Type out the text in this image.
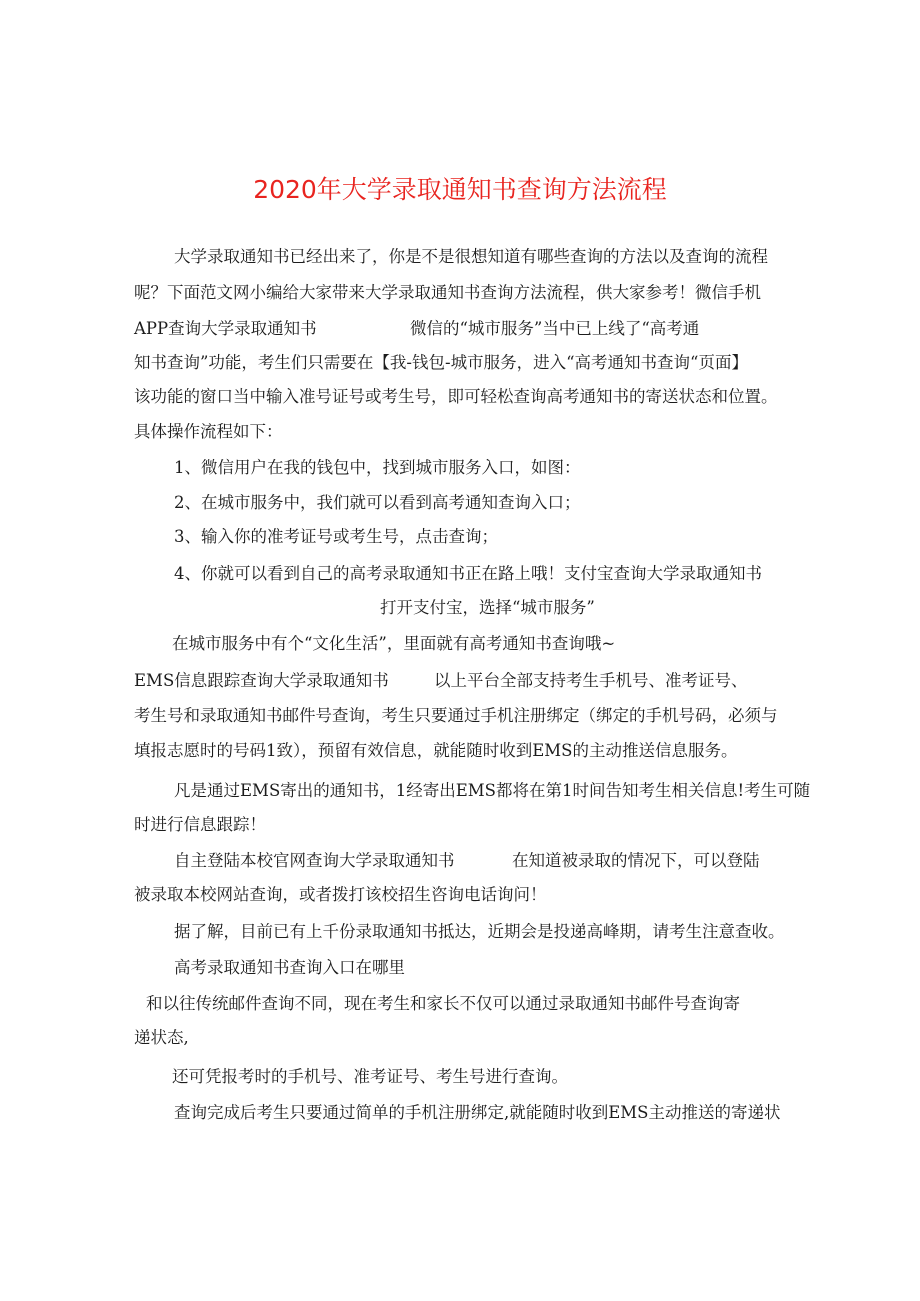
2020年大学录取通知书查询方法流程
大学录取通知书已经出来了，你是不是很想知道有哪些查询的方法以及查询的流程
呢？下面范文网小编给大家带来大学录取通知书查询方法流程，供大家参考！微信手机
APP查询大学录取通知书	微信的“城市服务”当中已上线了“高考通
知书查询”功能，考生们只需要在【我-钱包-城市服务，进入“高考通知书查询“页面】
该功能的窗口当中输入准号证号或考生号，即可轻松查询高考通知书的寄送状态和位置。
具体操作流程如下：
1、微信用户在我的钱包中，找到城市服务入口，如图：
2、在城市服务中，我们就可以看到高考通知查询入口；
3、输入你的准考证号或考生号，点击查询；
4、你就可以看到自己的高考录取通知书正在路上哦！支付宝查询大学录取通知书
打开支付宝，选择“城市服务”
在城市服务中有个“文化生活”，里面就有高考通知书查询哦~
EMS信息跟踪查询大学录取通知书	以上平台全部支持考生手机号、准考证号、
考生号和录取通知书邮件号查询，考生只要通过手机注册绑定（绑定的手机号码，必须与
填报志愿时的号码1致），预留有效信息，就能随时收到EMS的主动推送信息服务。
凡是通过EMS寄出的通知书，1经寄出EMS都将在第1时间告知考生相关信息!考生可随
时进行信息跟踪！
自主登陆本校官网查询大学录取通知书	在知道被录取的情况下，可以登陆
被录取本校网站查询，或者拨打该校招生咨询电话询问！
据了解，目前已有上千份录取通知书抵达，近期会是投递高峰期，请考生注意查收。
高考录取通知书查询入口在哪里
和以往传统邮件查询不同，现在考生和家长不仅可以通过录取通知书邮件号查询寄
递状态,
还可凭报考时的手机号、准考证号、考生号进行查询。
查询完成后考生只要通过简单的手机注册绑定,就能随时收到EMS主动推送的寄递状
